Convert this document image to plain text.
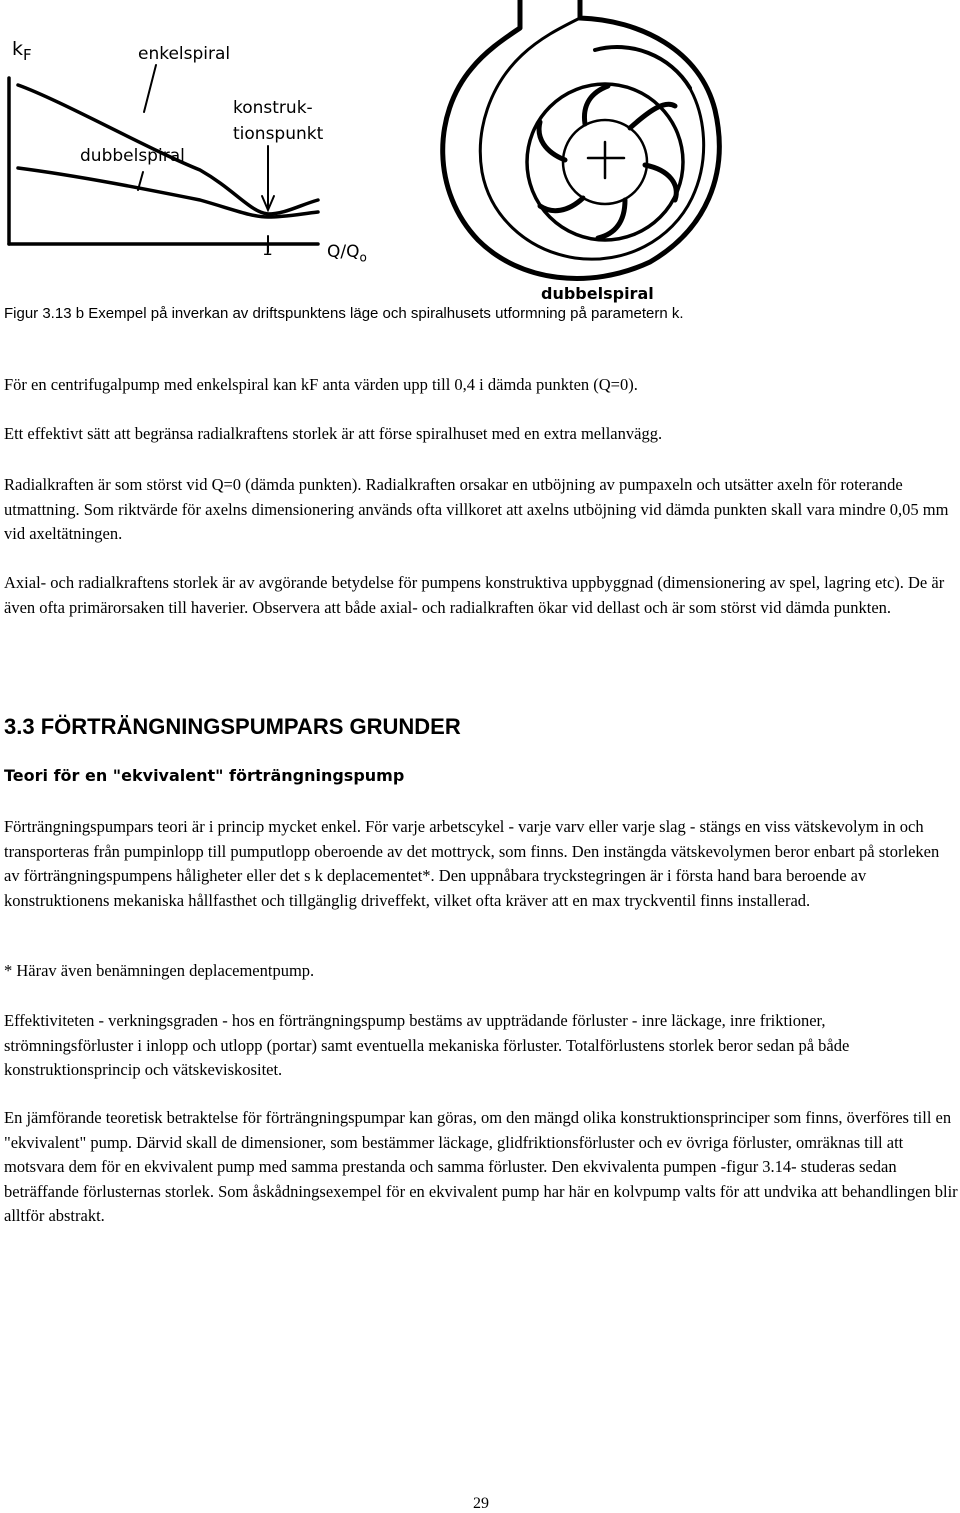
$k_F$	enkelspiral
konstruk-
tionspunkt
dubbelspiral
1	$Q/Q_o$
dubbelspiral
Figur 3.13 b Exempel på inverkan av driftspunktens läge och spiralhusets utformning på parametern k.

För en centrifugalpump med enkelspiral kan kF anta värden upp till 0,4 i dämda punkten (Q=0).

Ett effektivt sätt att begränsa radialkraftens storlek är att förse spiralhuset med en extra mellanvägg.

Radialkraften är som störst vid Q=0 (dämda punkten). Radialkraften orsakar en utböjning av pumpaxeln och utsätter axeln för roterande utmattning. Som riktvärde för axelns dimensionering används ofta villkoret att axelns utböjning vid dämda punkten skall vara mindre 0,05 mm vid axeltätningen.

Axial- och radialkraftens storlek är av avgörande betydelse för pumpens konstruktiva uppbyggnad (dimensionering av spel, lagring etc). De är även ofta primärorsaken till haverier. Observera att både axial- och radialkraften ökar vid dellast och är som störst vid dämda punkten.

3.3 FÖRTRÄNGNINGSPUMPARS GRUNDER
Teori för en "ekvivalent" förträngningspump

Förträngningspumpars teori är i princip mycket enkel. För varje arbetscykel - varje varv eller varje slag - stängs en viss vätskevolym in och transporteras från pumpinlopp till pumputlopp oberoende av det mottryck, som finns. Den instängda vätskevolymen beror enbart på storleken av förträngningspumpens håligheter eller det s k deplacementet*. Den uppnåbara tryckstegringen är i första hand bara beroende av konstruktionens mekaniska hållfasthet och tillgänglig driveffekt, vilket ofta kräver att en max tryckventil finns installerad.

* Härav även benämningen deplacementpump.

Effektiviteten - verkningsgraden - hos en förträngningspump bestäms av uppträdande förluster - inre läckage, inre friktioner, strömningsförluster i inlopp och utlopp (portar) samt eventuella mekaniska förluster. Totalförlustens storlek beror sedan på både konstruktionsprincip och vätskeviskositet.

En jämförande teoretisk betraktelse för förträngningspumpar kan göras, om den mängd olika konstruktionsprinciper som finns, överföres till en "ekvivalent" pump. Därvid skall de dimensioner, som bestämmer läckage, glidfriktionsförluster och ev övriga förluster, omräknas till att motsvara dem för en ekvivalent pump med samma prestanda och samma förluster. Den ekvivalenta pumpen -figur 3.14- studeras sedan beträffande förlusternas storlek. Som åskådningsexempel för en ekvivalent pump har här en kolvpump valts för att undvika att behandlingen blir alltför abstrakt.

29
